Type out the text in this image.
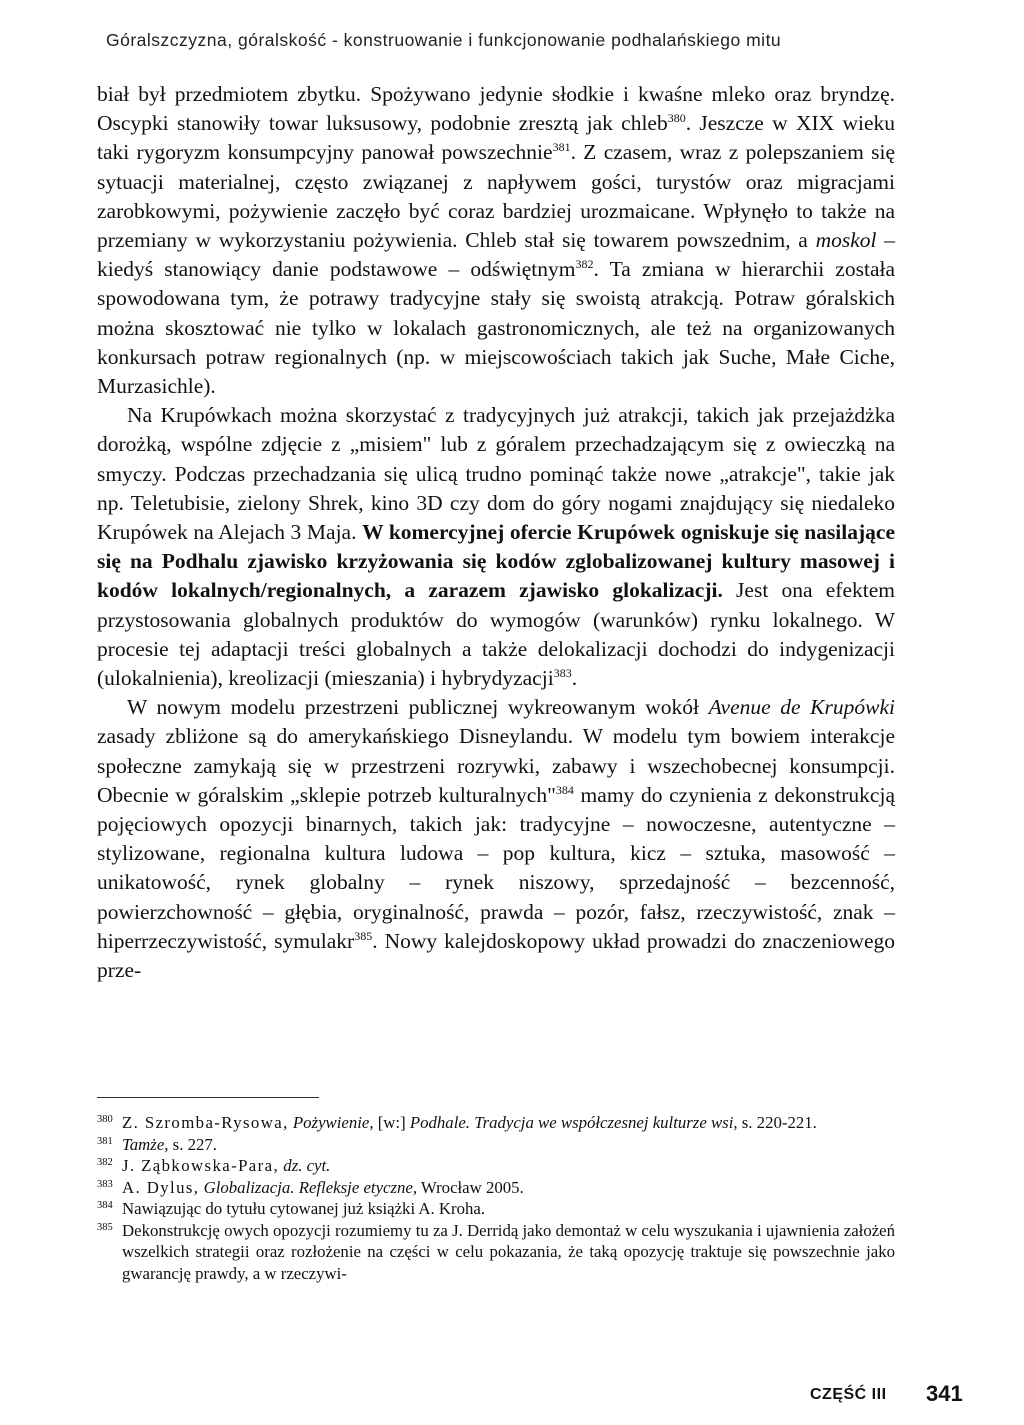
Góralszczyzna, góralskość - konstruowanie i funkcjonowanie podhalańskiego mitu

biał był przedmiotem zbytku. Spożywano jedynie słodkie i kwaśne mleko oraz bryndzę. Oscypki stanowiły towar luksusowy, podobnie zresztą jak chleb$^{380}$. Jeszcze w XIX wieku taki rygoryzm konsumpcyjny panował powszechnie$^{381}$. Z czasem, wraz z polepszaniem się sytuacji materialnej, często związanej z napływem gości, turystów oraz migracjami zarobkowymi, pożywienie zaczęło być coraz bardziej urozmaicane. Wpłynęło to także na przemiany w wykorzystaniu pożywienia. Chleb stał się towarem powszednim, a moskol – kiedyś stanowiący danie podstawowe – odświętnym$^{382}$. Ta zmiana w hierarchii została spowodowana tym, że potrawy tradycyjne stały się swoistą atrakcją. Potraw góralskich można skosztować nie tylko w lokalach gastronomicznych, ale też na organizowanych konkursach potraw regionalnych (np. w miejscowościach takich jak Suche, Małe Ciche, Murzasichle).

Na Krupówkach można skorzystać z tradycyjnych już atrakcji, takich jak przejażdżka dorożką, wspólne zdjęcie z „misiem" lub z góralem przechadzającym się z owieczką na smyczy. Podczas przechadzania się ulicą trudno pominąć także nowe „atrakcje", takie jak np. Teletubisie, zielony Shrek, kino 3D czy dom do góry nogami znajdujący się niedaleko Krupówek na Alejach 3 Maja. W komercyjnej ofercie Krupówek ogniskuje się nasilające się na Podhalu zjawisko krzyżowania się kodów zglobalizowanej kultury masowej i kodów lokalnych/regionalnych, a zarazem zjawisko glokalizacji. Jest ona efektem przystosowania globalnych produktów do wymogów (warunków) rynku lokalnego. W procesie tej adaptacji treści globalnych a także delokalizacji dochodzi do indygenizacji (ulokalnienia), kreolizacji (mieszania) i hybrydyzacji$^{383}$.

W nowym modelu przestrzeni publicznej wykreowanym wokół Avenue de Krupówki zasady zbliżone są do amerykańskiego Disneylandu. W modelu tym bowiem interakcje społeczne zamykają się w przestrzeni rozrywki, zabawy i wszechobecnej konsumpcji. Obecnie w góralskim „sklepie potrzeb kulturalnych"$^{384}$ mamy do czynienia z dekonstrukcją pojęciowych opozycji binarnych, takich jak: tradycyjne – nowoczesne, autentyczne – stylizowane, regionalna kultura ludowa – pop kultura, kicz – sztuka, masowość – unikatowość, rynek globalny – rynek niszowy, sprzedajność – bezcenność, powierzchowność – głębia, oryginalność, prawda – pozór, fałsz, rzeczywistość, znak – hiperrzeczywistość, symulakr$^{385}$. Nowy kalejdoskopowy układ prowadzi do znaczeniowego prze-

380 Z. Szromba-Rysowa, Pożywienie, [w:] Podhale. Tradycja we współczesnej kulturze wsi, s. 220-221.
381 Tamże, s. 227.
382 J. Ząbkowska-Para, dz. cyt.
383 A. Dylus, Globalizacja. Refleksje etyczne, Wrocław 2005.
384 Nawiązując do tytułu cytowanej już książki A. Kroha.
385 Dekonstrukcję owych opozycji rozumiemy tu za J. Derridą jako demontaż w celu wyszukania i ujawnienia założeń wszelkich strategii oraz rozłożenie na części w celu pokazania, że taką opozycję traktuje się powszechnie jako gwarancję prawdy, a w rzeczywi-
CZĘŚĆ III 341
